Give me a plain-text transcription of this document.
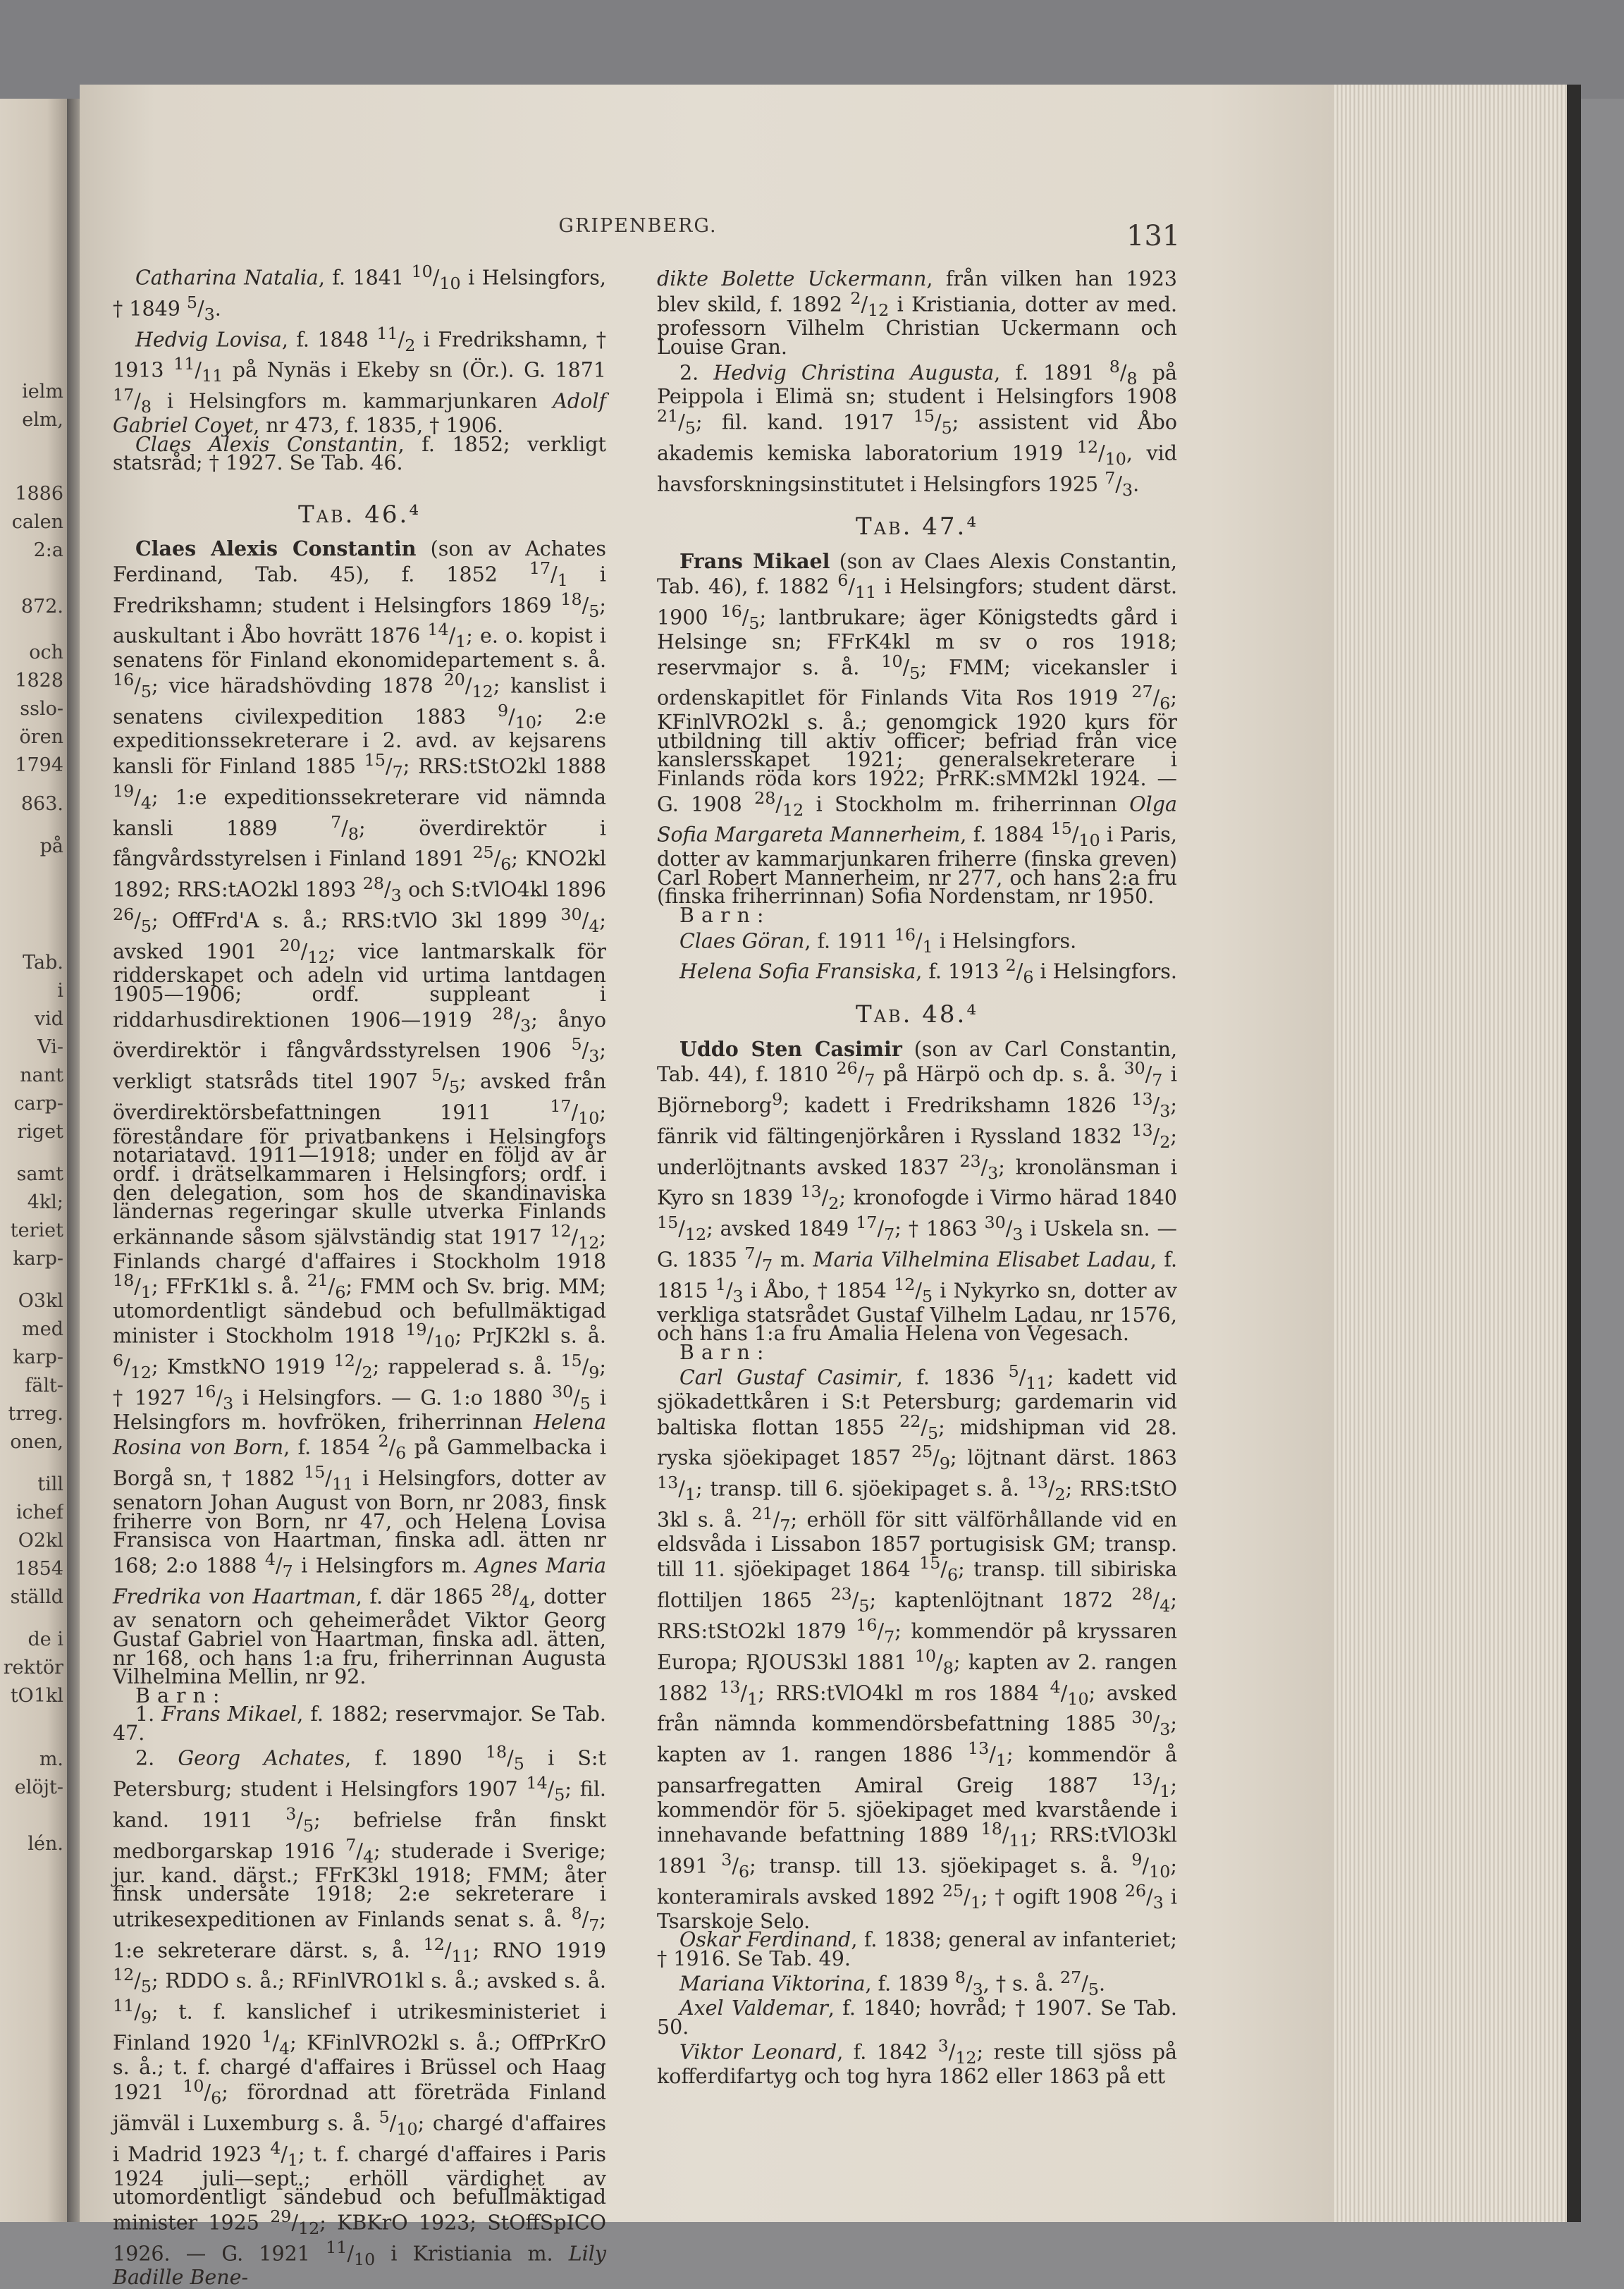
ielm
elm,
1886
calen
2:a
872.
och
1828
sslo-
ören
1794
863.
på
Tab.
i
vid
Vi-
nant
carp-
riget
samt
4kl;
teriet
karp-
O3kl
med
karp-
fält-
trreg.
onen,
till
ichef
O2kl
1854
ställd
de i
rektör
tO1kl
m.
elöjt-
lén.
GRIPENBERG.	131

Catharina Natalia, f. 1841 $^{10}/_{10}$ i Helsingfors, † 1849 $^5/_3$.

Hedvig Lovisa, f. 1848 $^{11}/_2$ i Fredrikshamn, † 1913 $^{11}/_{11}$ på Nynäs i Ekeby sn (Ör.). G. 1871 $^{17}/_8$ i Helsingfors m. kammarjunkaren Adolf Gabriel Coyet, nr 473, f. 1835, † 1906.

Claes Alexis Constantin, f. 1852; verkligt statsråd; † 1927. Se Tab. 46.

Tab. 46.⁴

Claes Alexis Constantin (son av Achates Ferdinand, Tab. 45), f. 1852 $^{17}/_1$ i Fredrikshamn; student i Helsingfors 1869 $^{18}/_5$; auskultant i Åbo hovrätt 1876 $^{14}/_1$; e. o. kopist i senatens för Finland ekonomidepartement s. å. $^{16}/_5$; vice häradshövding 1878 $^{20}/_{12}$; kanslist i senatens civilexpedition 1883 $^9/_{10}$; 2:e expeditionssekreterare i 2. avd. av kejsarens kansli för Finland 1885 $^{15}/_7$; RRS:tStO2kl 1888 $^{19}/_4$; 1:e expeditionssekreterare vid nämnda kansli 1889 $^7/_8$; överdirektör i fångvårdsstyrelsen i Finland 1891 $^{25}/_6$; KNO2kl 1892; RRS:tAO2kl 1893 $^{28}/_3$ och S:tVlO4kl 1896 $^{26}/_5$; OffFrd'A s. å.; RRS:tVlO 3kl 1899 $^{30}/_4$; avsked 1901 $^{20}/_{12}$; vice lantmarskalk för ridderskapet och adeln vid urtima lantdagen 1905—1906; ordf. suppleant i riddarhusdirektionen 1906—1919 $^{28}/_3$; ånyo överdirektör i fångvårdsstyrelsen 1906 $^5/_3$; verkligt statsråds titel 1907 $^5/_5$; avsked från överdirektörsbefattningen 1911 $^{17}/_{10}$; föreståndare för privatbankens i Helsingfors notariatavd. 1911—1918; under en följd av år ordf. i drätselkammaren i Helsingfors; ordf. i den delegation, som hos de skandinaviska ländernas regeringar skulle utverka Finlands erkännande såsom självständig stat 1917 $^{12}/_{12}$; Finlands chargé d'affaires i Stockholm 1918 $^{18}/_1$; FFrK1kl s. å. $^{21}/_6$; FMM och Sv. brig. MM; utomordentligt sändebud och befullmäktigad minister i Stockholm 1918 $^{19}/_{10}$; PrJK2kl s. å. $^6/_{12}$; KmstkNO 1919 $^{12}/_2$; rappelerad s. å. $^{15}/_9$; † 1927 $^{16}/_3$ i Helsingfors. — G. 1:o 1880 $^{30}/_5$ i Helsingfors m. hovfröken, friherrinnan Helena Rosina von Born, f. 1854 $^2/_6$ på Gammelbacka i Borgå sn, † 1882 $^{15}/_{11}$ i Helsingfors, dotter av senatorn Johan August von Born, nr 2083, finsk friherre von Born, nr 47, och Helena Lovisa Fransisca von Haartman, finska adl. ätten nr 168; 2:o 1888 $^4/_7$ i Helsingfors m. Agnes Maria Fredrika von Haartman, f. där 1865 $^{28}/_4$, dotter av senatorn och geheimerådet Viktor Georg Gustaf Gabriel von Haartman, finska adl. ätten, nr 168, och hans 1:a fru, friherrinnan Augusta Vilhelmina Mellin, nr 92.

Barn:

1. Frans Mikael, f. 1882; reservmajor. Se Tab. 47.

2. Georg Achates, f. 1890 $^{18}/_5$ i S:t Petersburg; student i Helsingfors 1907 $^{14}/_5$; fil. kand. 1911 $^3/_5$; befrielse från finskt medborgarskap 1916 $^7/_4$; studerade i Sverige; jur. kand. därst.; FFrK3kl 1918; FMM; åter finsk undersåte 1918; 2:e sekreterare i utrikesexpeditionen av Finlands senat s. å. $^8/_7$; 1:e sekreterare därst. s, å. $^{12}/_{11}$; RNO 1919 $^{12}/_5$; RDDO s. å.; RFinlVRO1kl s. å.; avsked s. å. $^{11}/_9$; t. f. kanslichef i utrikesministeriet i Finland 1920 $^1/_4$; KFinlVRO2kl s. å.; OffPrKrO s. å.; t. f. chargé d'affaires i Brüssel och Haag 1921 $^{10}/_6$; förordnad att företräda Finland jämväl i Luxemburg s. å. $^5/_{10}$; chargé d'affaires i Madrid 1923 $^4/_1$; t. f. chargé d'affaires i Paris 1924 juli—sept.; erhöll värdighet av utomordentligt sändebud och befullmäktigad minister 1925 $^{29}/_{12}$; KBKrO 1923; StOffSpICO 1926. — G. 1921 $^{11}/_{10}$ i Kristiania m. Lily Badille Bene-

dikte Bolette Uckermann, från vilken han 1923 blev skild, f. 1892 $^2/_{12}$ i Kristiania, dotter av med. professorn Vilhelm Christian Uckermann och Louise Gran.

2. Hedvig Christina Augusta, f. 1891 $^8/_8$ på Peippola i Elimä sn; student i Helsingfors 1908 $^{21}/_5$; fil. kand. 1917 $^{15}/_5$; assistent vid Åbo akademis kemiska laboratorium 1919 $^{12}/_{10}$, vid havsforskningsinstitutet i Helsingfors 1925 $^7/_3$.

Tab. 47.⁴

Frans Mikael (son av Claes Alexis Constantin, Tab. 46), f. 1882 $^6/_{11}$ i Helsingfors; student därst. 1900 $^{16}/_5$; lantbrukare; äger Königstedts gård i Helsinge sn; FFrK4kl m sv o ros 1918; reservmajor s. å. $^{10}/_5$; FMM; vicekansler i ordenskapitlet för Finlands Vita Ros 1919 $^{27}/_6$; KFinlVRO2kl s. å.; genomgick 1920 kurs för utbildning till aktiv officer; befriad från vice kanslersskapet 1921; generalsekreterare i Finlands röda kors 1922; PrRK:sMM2kl 1924. — G. 1908 $^{28}/_{12}$ i Stockholm m. friherrinnan Olga Sofia Margareta Mannerheim, f. 1884 $^{15}/_{10}$ i Paris, dotter av kammarjunkaren friherre (finska greven) Carl Robert Mannerheim, nr 277, och hans 2:a fru (finska friherrinnan) Sofia Nordenstam, nr 1950.

Barn:

Claes Göran, f. 1911 $^{16}/_1$ i Helsingfors.

Helena Sofia Fransiska, f. 1913 $^2/_6$ i Helsingfors.

Tab. 48.⁴

Uddo Sten Casimir (son av Carl Constantin, Tab. 44), f. 1810 $^{26}/_7$ på Härpö och dp. s. å. $^{30}/_7$ i Björneborg$^9$; kadett i Fredrikshamn 1826 $^{13}/_3$; fänrik vid fältingenjörkåren i Ryssland 1832 $^{13}/_2$; underlöjtnants avsked 1837 $^{23}/_3$; kronolänsman i Kyro sn 1839 $^{13}/_2$; kronofogde i Virmo härad 1840 $^{15}/_{12}$; avsked 1849 $^{17}/_7$; † 1863 $^{30}/_3$ i Uskela sn. — G. 1835 $^7/_7$ m. Maria Vilhelmina Elisabet Ladau, f. 1815 $^1/_3$ i Åbo, † 1854 $^{12}/_5$ i Nykyrko sn, dotter av verkliga statsrådet Gustaf Vilhelm Ladau, nr 1576, och hans 1:a fru Amalia Helena von Vegesach.

Barn:

Carl Gustaf Casimir, f. 1836 $^5/_{11}$; kadett vid sjökadettkåren i S:t Petersburg; gardemarin vid baltiska flottan 1855 $^{22}/_5$; midshipman vid 28. ryska sjöekipaget 1857 $^{25}/_9$; löjtnant därst. 1863 $^{13}/_1$; transp. till 6. sjöekipaget s. å. $^{13}/_2$; RRS:tStO 3kl s. å. $^{21}/_7$; erhöll för sitt välförhållande vid en eldsvåda i Lissabon 1857 portugisisk GM; transp. till 11. sjöekipaget 1864 $^{15}/_6$; transp. till sibiriska flottiljen 1865 $^{23}/_5$; kaptenlöjtnant 1872 $^{28}/_4$; RRS:tStO2kl 1879 $^{16}/_7$; kommendör på kryssaren Europa; RJOUS3kl 1881 $^{10}/_8$; kapten av 2. rangen 1882 $^{13}/_1$; RRS:tVlO4kl m ros 1884 $^4/_{10}$; avsked från nämnda kommendörsbefattning 1885 $^{30}/_3$; kapten av 1. rangen 1886 $^{13}/_1$; kommendör å pansarfregatten Amiral Greig 1887 $^{13}/_1$; kommendör för 5. sjöekipaget med kvarstående i innehavande befattning 1889 $^{18}/_{11}$; RRS:tVlO3kl 1891 $^3/_6$; transp. till 13. sjöekipaget s. å. $^9/_{10}$; konteramirals avsked 1892 $^{25}/_1$; † ogift 1908 $^{26}/_3$ i Tsarskoje Selo.

Oskar Ferdinand, f. 1838; general av infanteriet; † 1916. Se Tab. 49.

Mariana Viktorina, f. 1839 $^8/_3$, † s. å. $^{27}/_5$.

Axel Valdemar, f. 1840; hovråd; † 1907. Se Tab. 50.

Viktor Leonard, f. 1842 $^3/_{12}$; reste till sjöss på kofferdifartyg och tog hyra 1862 eller 1863 på ett
